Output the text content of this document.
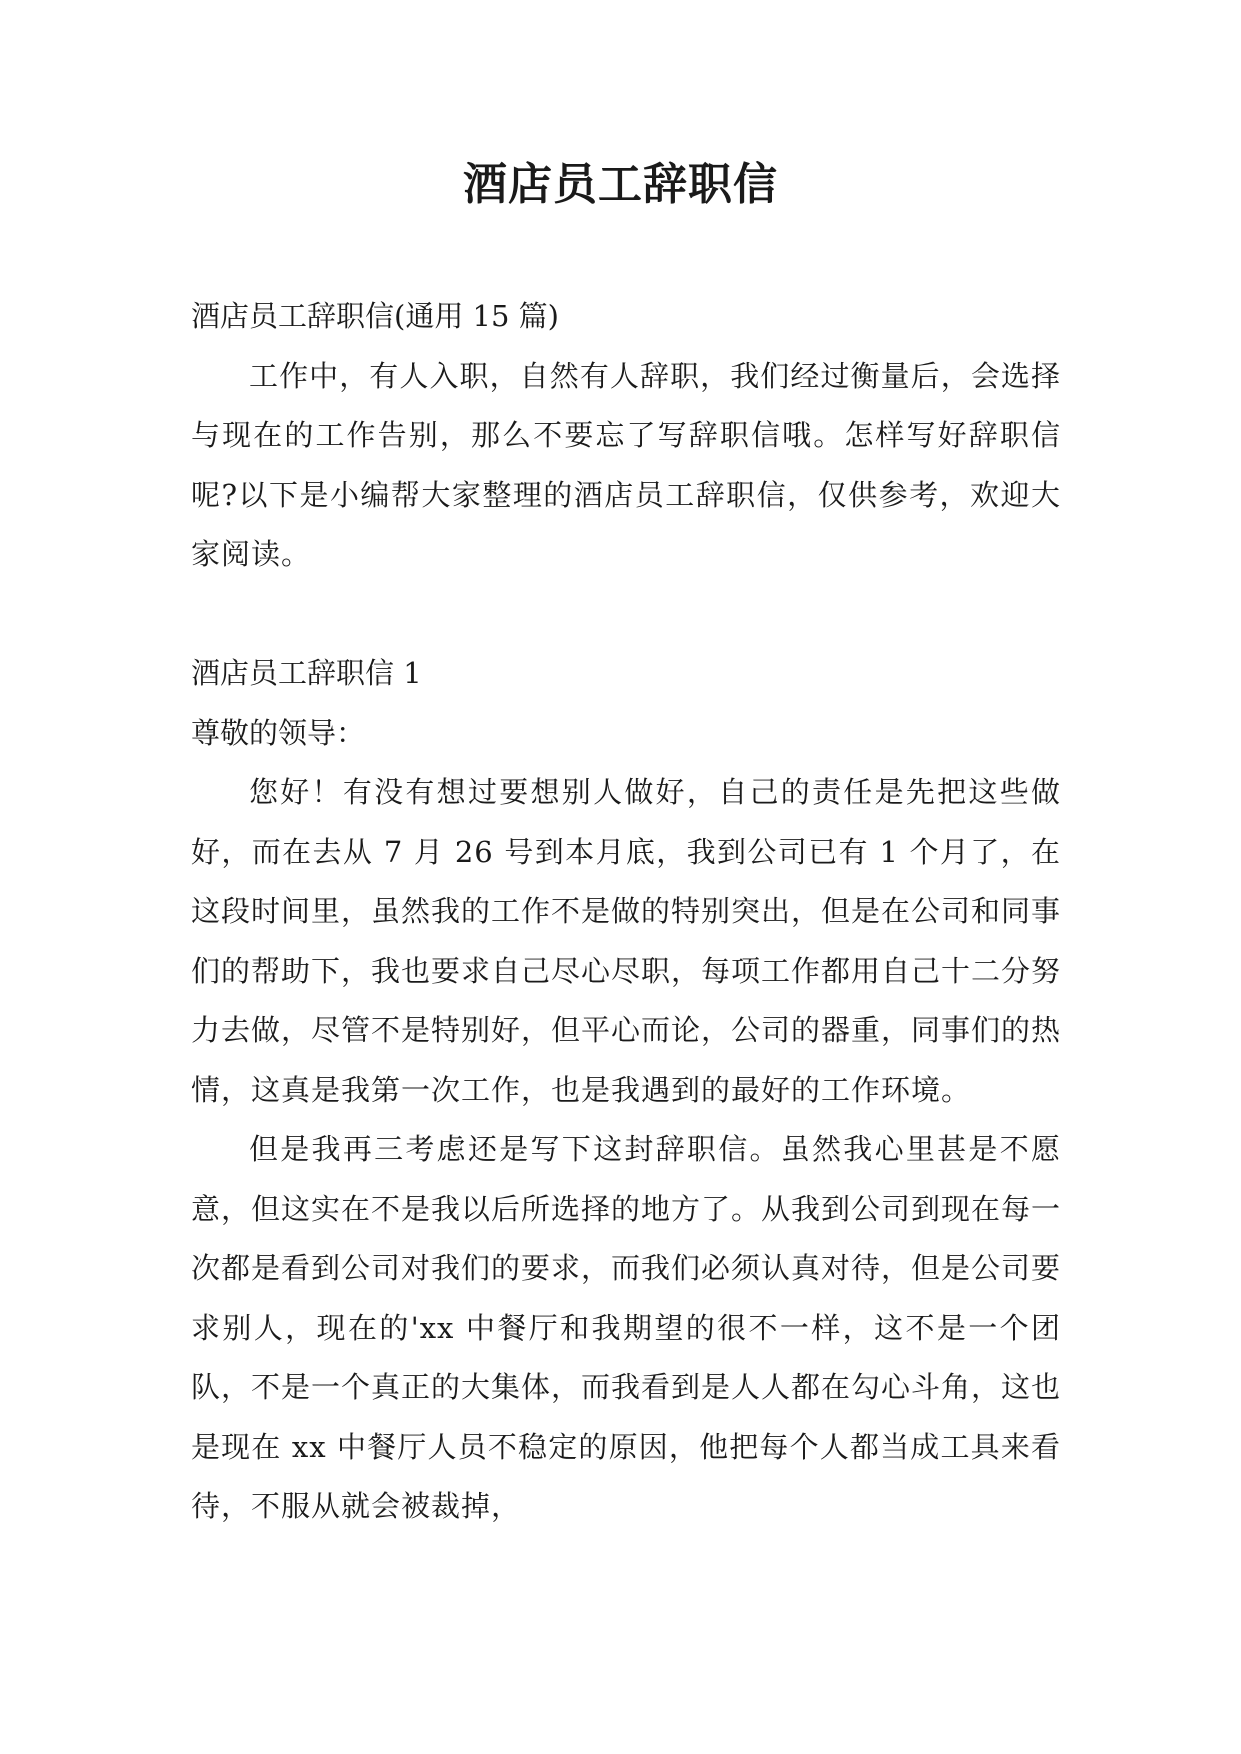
酒店员工辞职信

酒店员工辞职信(通用 15 篇)

工作中，有人入职，自然有人辞职，我们经过衡量后，会选择与现在的工作告别，那么不要忘了写辞职信哦。怎样写好辞职信呢?以下是小编帮大家整理的酒店员工辞职信，仅供参考，欢迎大家阅读。

酒店员工辞职信 1

尊敬的领导：

您好！有没有想过要想别人做好，自己的责任是先把这些做好，而在去从 7 月 26 号到本月底，我到公司已有 1 个月了，在这段时间里，虽然我的工作不是做的特别突出，但是在公司和同事们的帮助下，我也要求自己尽心尽职，每项工作都用自己十二分努力去做，尽管不是特别好，但平心而论，公司的器重，同事们的热情，这真是我第一次工作，也是我遇到的最好的工作环境。

但是我再三考虑还是写下这封辞职信。虽然我心里甚是不愿意，但这实在不是我以后所选择的地方了。从我到公司到现在每一次都是看到公司对我们的要求，而我们必须认真对待，但是公司要求别人，现在的'xx 中餐厅和我期望的很不一样，这不是一个团队，不是一个真正的大集体，而我看到是人人都在勾心斗角，这也是现在 xx 中餐厅人员不稳定的原因，他把每个人都当成工具来看待，不服从就会被裁掉，
